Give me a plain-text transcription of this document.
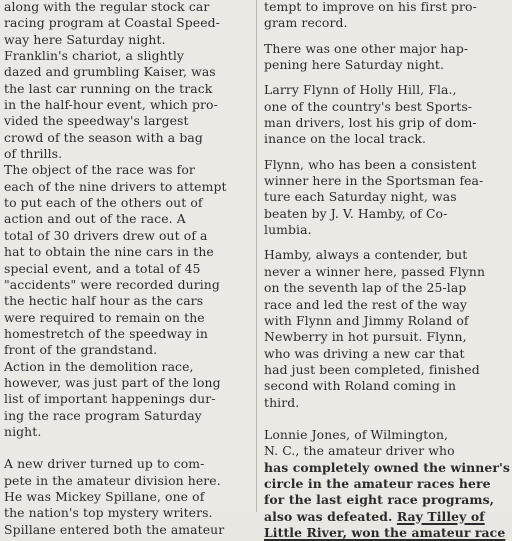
along with the regular stock car

racing program at Coastal Speed-

way here Saturday night.

Franklin's chariot, a slightly

dazed and grumbling Kaiser, was

the last car running on the track

in the half-hour event, which pro-

vided the speedway's largest

crowd of the season with a bag

of thrills.

The object of the race was for

each of the nine drivers to attempt

to put each of the others out of

action and out of the race. A

total of 30 drivers drew out of a

hat to obtain the nine cars in the

special event, and a total of 45

"accidents" were recorded during

the hectic half hour as the cars

were required to remain on the

homestretch of the speedway in

front of the grandstand.

Action in the demolition race,

however, was just part of the long

list of important happenings dur-

ing the race program Saturday

night.

A new driver turned up to com-

pete in the amateur division here.

He was Mickey Spillane, one of

the nation's top mystery writers.

Spillane entered both the amateur

tempt to improve on his first pro-

gram record.

There was one other major hap-

pening here Saturday night.

Larry Flynn of Holly Hill, Fla.,

one of the country's best Sports-

man drivers, lost his grip of dom-

inance on the local track.

Flynn, who has been a consistent

winner here in the Sportsman fea-

ture each Saturday night, was

beaten by J. V. Hamby, of Co-

lumbia.

Hamby, always a contender, but

never a winner here, passed Flynn

on the seventh lap of the 25-lap

race and led the rest of the way

with Flynn and Jimmy Roland of

Newberry in hot pursuit. Flynn,

who was driving a new car that

had just been completed, finished

second with Roland coming in

third.

Lonnie Jones, of Wilmington,

N. C., the amateur driver who

has completely owned the winner's

circle in the amateur races here

for the last eight race programs,

also was defeated. Ray Tilley of

Little River, won the amateur race
